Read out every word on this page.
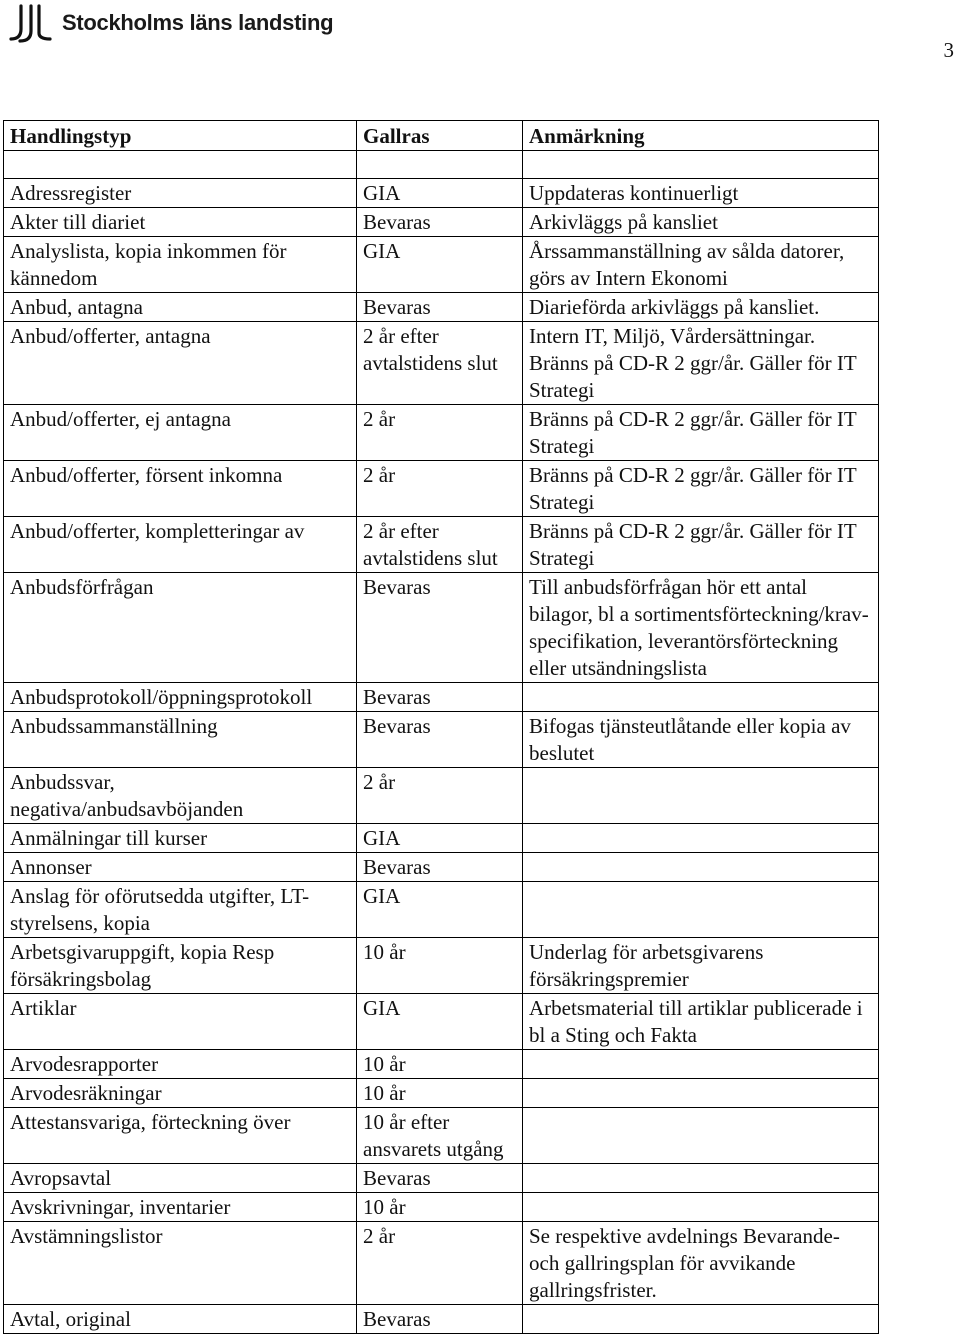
Stockholms läns landsting
3
Handlingstyp	Gallras	Anmärkning

Adressregister	GIA	Uppdateras kontinuerligt
Akter till diariet	Bevaras	Arkivläggs på kansliet
Analyslista, kopia inkommen för kännedom	GIA	Årssammanställning av sålda datorer, görs av Intern Ekonomi
Anbud, antagna	Bevaras	Diarieförda arkivläggs på kansliet.
Anbud/offerter, antagna	2 år efter avtalstidens slut	Intern IT, Miljö, Vårdersättningar. Bränns på CD-R 2 ggr/år. Gäller för IT Strategi
Anbud/offerter, ej antagna	2 år	Bränns på CD-R 2 ggr/år. Gäller för IT Strategi
Anbud/offerter, försent inkomna	2 år	Bränns på CD-R 2 ggr/år. Gäller för IT Strategi
Anbud/offerter, kompletteringar av	2 år efter avtalstidens slut	Bränns på CD-R 2 ggr/år. Gäller för IT Strategi
Anbudsförfrågan	Bevaras	Till anbudsförfrågan hör ett antal bilagor, bl a sortimentsförteckning/krav-specifikation, leverantörsförteckning eller utsändningslista
Anbudsprotokoll/öppningsprotokoll	Bevaras	
Anbudssammanställning	Bevaras	Bifogas tjänsteutlåtande eller kopia av beslutet
Anbudssvar, negativa/anbudsavböjanden	2 år	
Anmälningar till kurser	GIA	
Annonser	Bevaras	
Anslag för oförutsedda utgifter, LT-styrelsens, kopia	GIA	
Arbetsgivaruppgift, kopia Resp försäkringsbolag	10 år	Underlag för arbetsgivarens försäkringspremier
Artiklar	GIA	Arbetsmaterial till artiklar publicerade i bl a Sting och Fakta
Arvodesrapporter	10 år	
Arvodesräkningar	10 år	
Attestansvariga, förteckning över	10 år efter ansvarets utgång	
Avropsavtal	Bevaras	
Avskrivningar, inventarier	10 år	
Avstämningslistor	2 år	Se respektive avdelnings Bevarande- och gallringsplan för avvikande gallringsfrister.
Avtal, original	Bevaras	
